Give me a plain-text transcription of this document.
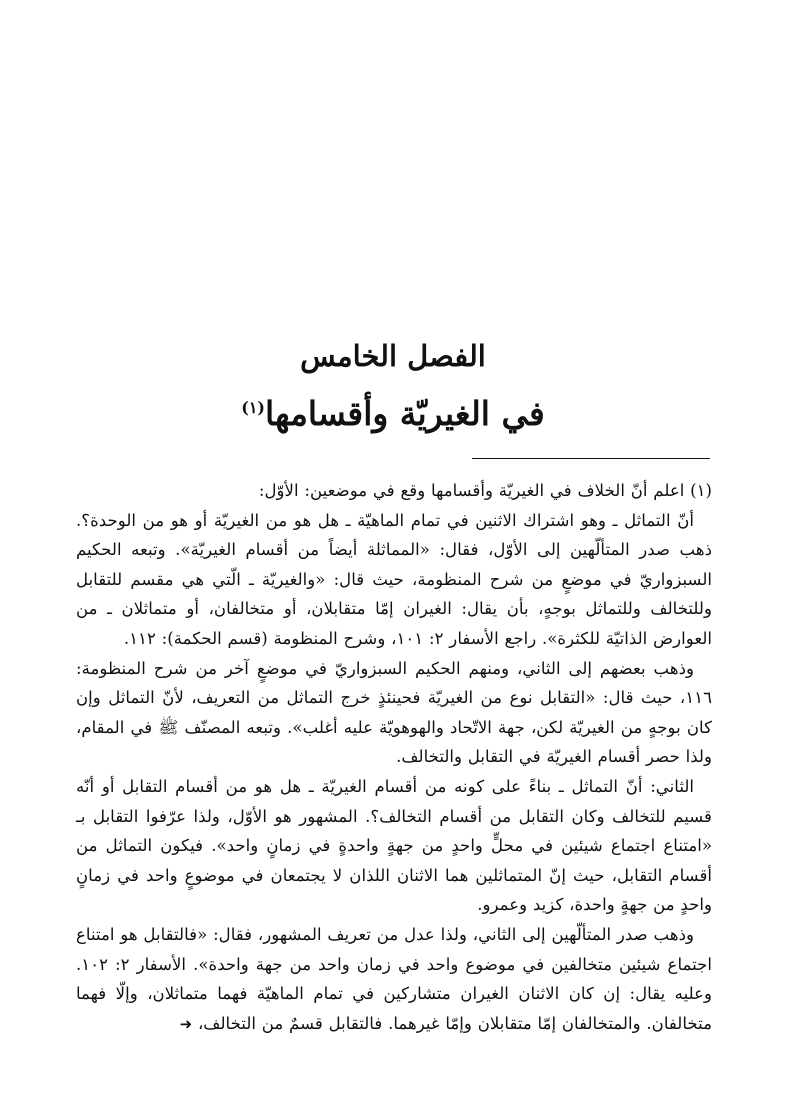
الفصل الخامس
في الغيريّة وأقسامها$^{(١)}$

(١) اعلم أنّ الخلاف في الغيريّة وأقسامها وقع في موضعين: الأوّل:

أنّ التماثل ـ وهو اشتراك الاثنين في تمام الماهيّة ـ هل هو من الغيريّة أو هو من الوحدة؟. ذهب صدر المتألّهين إلى الأوّل، فقال: «المماثلة أيضاً من أقسام الغيريّة». وتبعه الحكيم السبزواريّ في موضعٍ من شرح المنظومة، حيث قال: «والغيريّة ـ الّتي هي مقسم للتقابل وللتخالف وللتماثل بوجهٍ، بأن يقال: الغيران إمّا متقابلان، أو متخالفان، أو متماثلان ـ من العوارض الذاتيّة للكثرة». راجع الأسفار ٢: ١٠١، وشرح المنظومة (قسم الحكمة): ١١٢.

وذهب بعضهم إلى الثاني، ومنهم الحكيم السبزواريّ في موضعٍ آخر من شرح المنظومة: ١١٦، حيث قال: «التقابل نوع من الغيريّة فحينئذٍ خرج التماثل من التعريف، لأنّ التماثل وإن كان بوجهٍ من الغيريّة لكن، جهة الاتّحاد والهوهويّة عليه أغلب». وتبعه المصنّف ﷺ في المقام، ولذا حصر أقسام الغيريّة في التقابل والتخالف.

الثاني: أنّ التماثل ـ بناءً على كونه من أقسام الغيريّة ـ هل هو من أقسام التقابل أو أنّه قسيم للتخالف وكان التقابل من أقسام التخالف؟. المشهور هو الأوّل، ولذا عرّفوا التقابل بـ «امتناع اجتماع شيئين في محلٍّ واحدٍ من جهةٍ واحدةٍ في زمانٍ واحد». فيكون التماثل من أقسام التقابل، حيث إنّ المتماثلين هما الاثنان اللذان لا يجتمعان في موضوعٍ واحد في زمانٍ واحدٍ من جهةٍ واحدة، كزيد وعمرو.

وذهب صدر المتألّهين إلى الثاني، ولذا عدل من تعريف المشهور، فقال: «فالتقابل هو امتناع اجتماع شيئين متخالفين في موضوع واحد في زمان واحد من جهة واحدة». الأسفار ٢: ١٠٢. وعليه يقال: إن كان الاثنان الغيران متشاركين في تمام الماهيّة فهما متماثلان، وإلّا فهما متخالفان. والمتخالفان إمّا متقابلان وإمّا غيرهما. فالتقابل قسمٌ من التخالف، ➜
